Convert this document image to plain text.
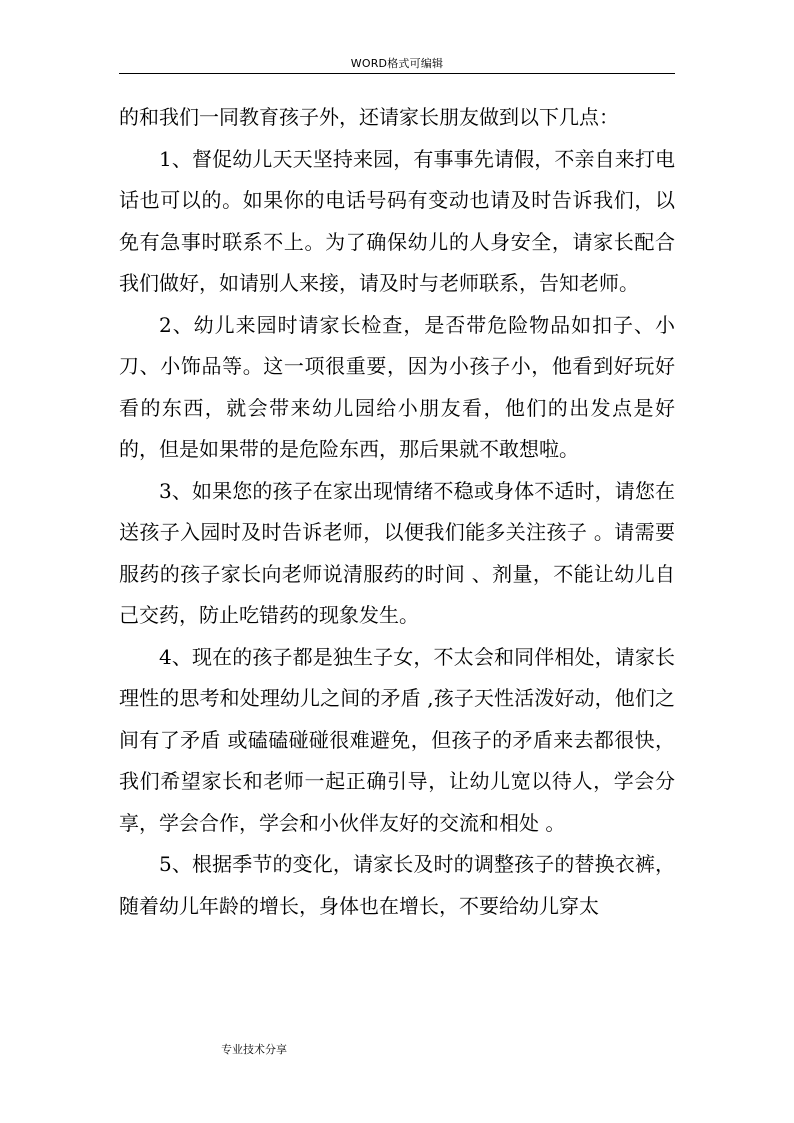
WORD格式可编辑

的和我们一同教育孩子外，还请家长朋友做到以下几点：

1、督促幼儿天天坚持来园，有事事先请假，不亲自来打电话也可以的。如果你的电话号码有变动也请及时告诉我们，以免有急事时联系不上。为了确保幼儿的人身安全，请家长配合我们做好，如请别人来接，请及时与老师联系，告知老师。

2、幼儿来园时请家长检查，是否带危险物品如扣子、小刀、小饰品等。这一项很重要，因为小孩子小，他看到好玩好看的东西，就会带来幼儿园给小朋友看，他们的出发点是好的，但是如果带的是危险东西，那后果就不敢想啦。

3、如果您的孩子在家出现情绪不稳或身体不适时，请您在送孩子入园时及时告诉老师，以便我们能多关注孩子 。请需要服药的孩子家长向老师说清服药的时间 、剂量，不能让幼儿自己交药，防止吃错药的现象发生。

4、现在的孩子都是独生子女，不太会和同伴相处，请家长理性的思考和处理幼儿之间的矛盾 ,孩子天性活泼好动，他们之间有了矛盾 或磕磕碰碰很难避免，但孩子的矛盾来去都很快，我们希望家长和老师一起正确引导，让幼儿宽以待人，学会分享，学会合作，学会和小伙伴友好的交流和相处 。

5、根据季节的变化，请家长及时的调整孩子的替换衣裤，随着幼儿年龄的增长，身体也在增长，不要给幼儿穿太

专业技术分享
